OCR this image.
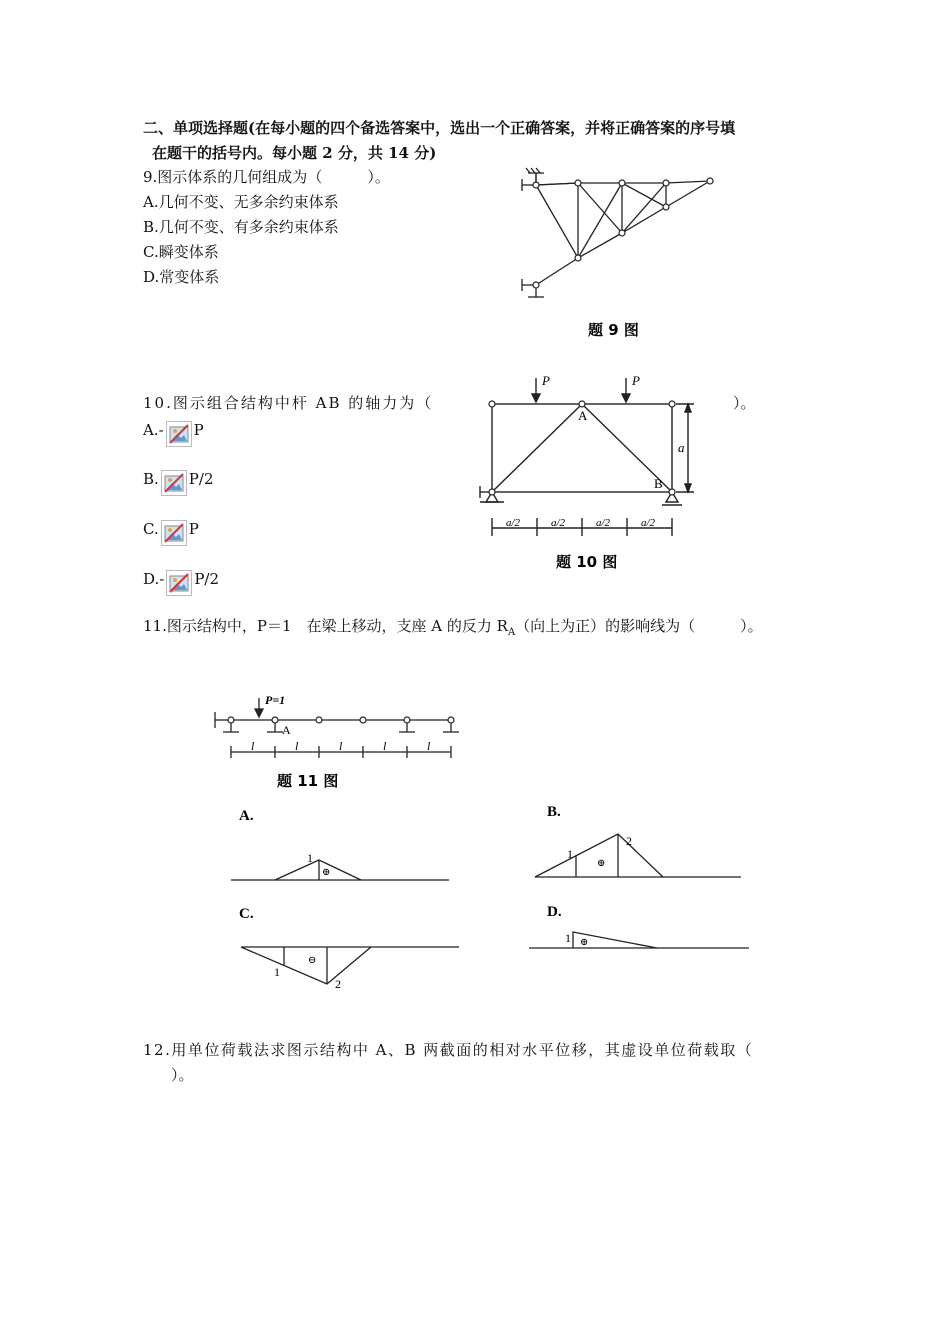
二、单项选择题(在每小题的四个备选答案中，选出一个正确答案，并将正确答案的序号填
在题干的括号内。每小题 2 分，共 14 分)
9.图示体系的几何组成为（　　　）。
A.几何不变、无多余约束体系
B.几何不变、有多余约束体系
C.瞬变体系
D.常变体系
题 9 图
10.图示组合结构中杆 AB 的轴力为（	）。
A.- P
B. P/2
C. P
D.- P/2
P	P
A
B
a
a/2	a/2	a/2	a/2
题 10 图
11.图示结构中，P＝1　在梁上移动，支座 A 的反力 $R_A$（向上为正）的影响线为（　　　）。
P=1
A
l	l	l	l	l
题 11 图
A.
1
⊕
B.
1
2
⊕
C.
1
2
⊖
D.
1 ⊕
12.用单位荷载法求图示结构中 A、B 两截面的相对水平位移，其虚设单位荷载取（
）。
